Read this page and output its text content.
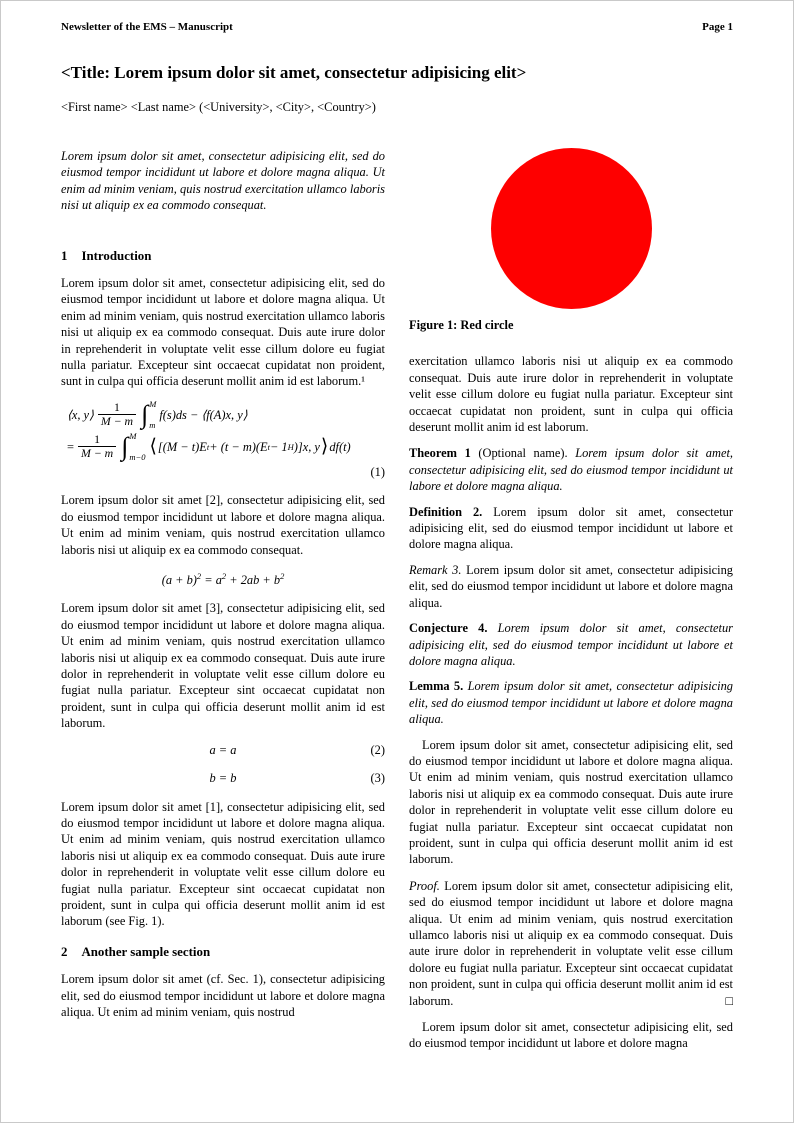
Newsletter of the EMS – Manuscript	Page 1
<Title: Lorem ipsum dolor sit amet, consectetur adipisicing elit>
<First name> <Last name> (<University>, <City>, <Country>)

Lorem ipsum dolor sit amet, consectetur adipisicing elit, sed do eiusmod tempor incididunt ut labore et dolore magna aliqua. Ut enim ad minim veniam, quis nostrud exercitation ullamco laboris nisi ut aliquip ex ea commodo consequat.

1 Introduction

Lorem ipsum dolor sit amet, consectetur adipisicing elit, sed do eiusmod tempor incididunt ut labore et dolore magna aliqua. Ut enim ad minim veniam, quis nostrud exercitation ullamco laboris nisi ut aliquip ex ea commodo consequat. Duis aute irure dolor in reprehenderit in voluptate velit esse cillum dolore eu fugiat nulla pariatur. Excepteur sint occaecat cupidatat non proident, sunt in culpa qui officia deserunt mollit anim id est laborum.¹

⟨x, y⟩ $\frac{1}{M - m}$ ∫ M
m
f(s)ds − ⟨f(A)x, y⟩
= $\frac{1}{M - m}$ ∫ M
m−0
⟨ [(M − t)E t + (t − m)(E t − 1 H )]x, y ⟩ df(t)
(1)

Lorem ipsum dolor sit amet [2], consectetur adipisicing elit, sed do eiusmod tempor incididunt ut labore et dolore magna aliqua. Ut enim ad minim veniam, quis nostrud exercitation ullamco laboris nisi ut aliquip ex ea commodo consequat.

$(a + b)^2 = a^2 + 2ab + b^2$

Lorem ipsum dolor sit amet [3], consectetur adipisicing elit, sed do eiusmod tempor incididunt ut labore et dolore magna aliqua. Ut enim ad minim veniam, quis nostrud exercitation ullamco laboris nisi ut aliquip ex ea commodo consequat. Duis aute irure dolor in reprehenderit in voluptate velit esse cillum dolore eu fugiat nulla pariatur. Excepteur sint occaecat cupidatat non proident, sunt in culpa qui officia deserunt mollit anim id est laborum.

a = a	(2)
b = b	(3)

Lorem ipsum dolor sit amet [1], consectetur adipisicing elit, sed do eiusmod tempor incididunt ut labore et dolore magna aliqua. Ut enim ad minim veniam, quis nostrud exercitation ullamco laboris nisi ut aliquip ex ea commodo consequat. Duis aute irure dolor in reprehenderit in voluptate velit esse cillum dolore eu fugiat nulla pariatur. Excepteur sint occaecat cupidatat non proident, sunt in culpa qui officia deserunt mollit anim id est laborum (see Fig. 1).

2 Another sample section

Lorem ipsum dolor sit amet (cf. Sec. 1), consectetur adipisicing elit, sed do eiusmod tempor incididunt ut labore et dolore magna aliqua. Ut enim ad minim veniam, quis nostrud

Figure 1: Red circle

exercitation ullamco laboris nisi ut aliquip ex ea commodo consequat. Duis aute irure dolor in reprehenderit in voluptate velit esse cillum dolore eu fugiat nulla pariatur. Excepteur sint occaecat cupidatat non proident, sunt in culpa qui officia deserunt mollit anim id est laborum.

Theorem 1 (Optional name). Lorem ipsum dolor sit amet, consectetur adipisicing elit, sed do eiusmod tempor incididunt ut labore et dolore magna aliqua.

Definition 2. Lorem ipsum dolor sit amet, consectetur adipisicing elit, sed do eiusmod tempor incididunt ut labore et dolore magna aliqua.

Remark 3. Lorem ipsum dolor sit amet, consectetur adipisicing elit, sed do eiusmod tempor incididunt ut labore et dolore magna aliqua.

Conjecture 4. Lorem ipsum dolor sit amet, consectetur adipisicing elit, sed do eiusmod tempor incididunt ut labore et dolore magna aliqua.

Lemma 5. Lorem ipsum dolor sit amet, consectetur adipisicing elit, sed do eiusmod tempor incididunt ut labore et dolore magna aliqua.

Lorem ipsum dolor sit amet, consectetur adipisicing elit, sed do eiusmod tempor incididunt ut labore et dolore magna aliqua. Ut enim ad minim veniam, quis nostrud exercitation ullamco laboris nisi ut aliquip ex ea commodo consequat. Duis aute irure dolor in reprehenderit in voluptate velit esse cillum dolore eu fugiat nulla pariatur. Excepteur sint occaecat cupidatat non proident, sunt in culpa qui officia deserunt mollit anim id est laborum.

Proof. Lorem ipsum dolor sit amet, consectetur adipisicing elit, sed do eiusmod tempor incididunt ut labore et dolore magna aliqua. Ut enim ad minim veniam, quis nostrud exercitation ullamco laboris nisi ut aliquip ex ea commodo consequat. Duis aute irure dolor in reprehenderit in voluptate velit esse cillum dolore eu fugiat nulla pariatur. Excepteur sint occaecat cupidatat non proident, sunt in culpa qui officia deserunt mollit anim id est laborum.	□

Lorem ipsum dolor sit amet, consectetur adipisicing elit, sed do eiusmod tempor incididunt ut labore et dolore magna
